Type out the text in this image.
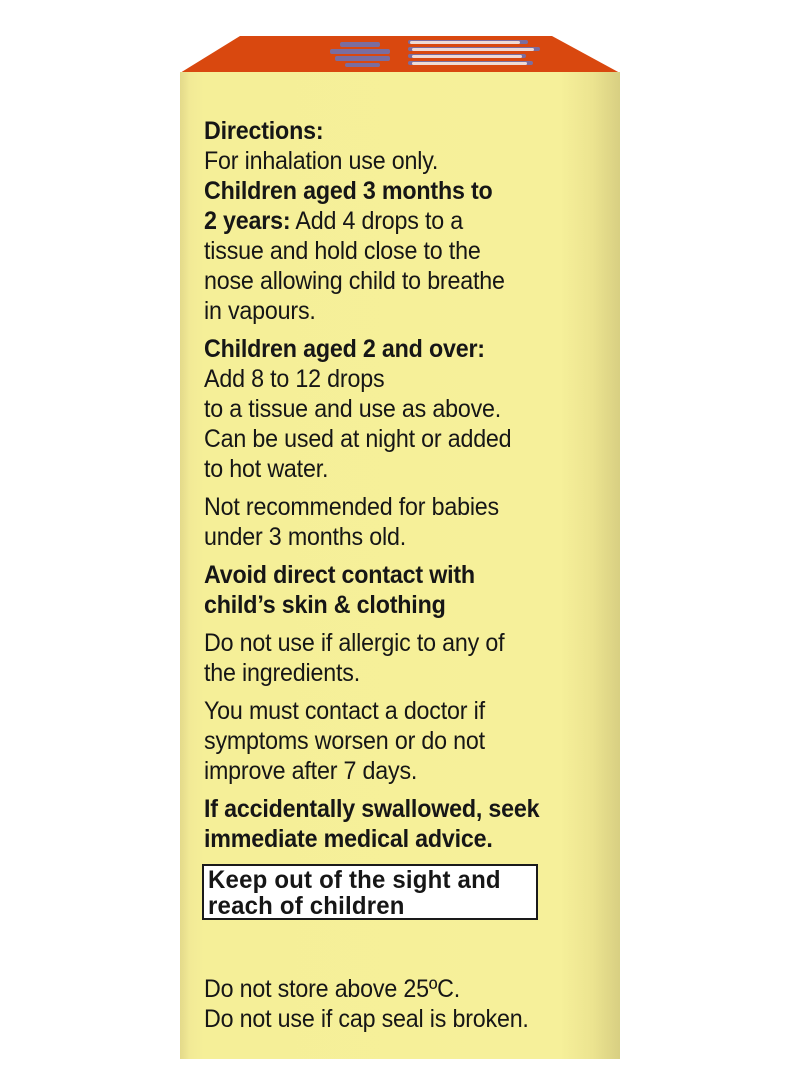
Directions:
For inhalation use only.
Children aged 3 months to
2 years: Add 4 drops to a
tissue and hold close to the
nose allowing child to breathe
in vapours.
Children aged 2 and over:
Add 8 to 12 drops
to a tissue and use as above.
Can be used at night or added
to hot water.
Not recommended for babies
under 3 months old.
Avoid direct contact with
child’s skin & clothing
Do not use if allergic to any of
the ingredients.
You must contact a doctor if
symptoms worsen or do not
improve after 7 days.
If accidentally swallowed, seek
immediate medical advice.
Keep out of the sight and
reach of children
Do not store above 25ºC.
Do not use if cap seal is broken.
